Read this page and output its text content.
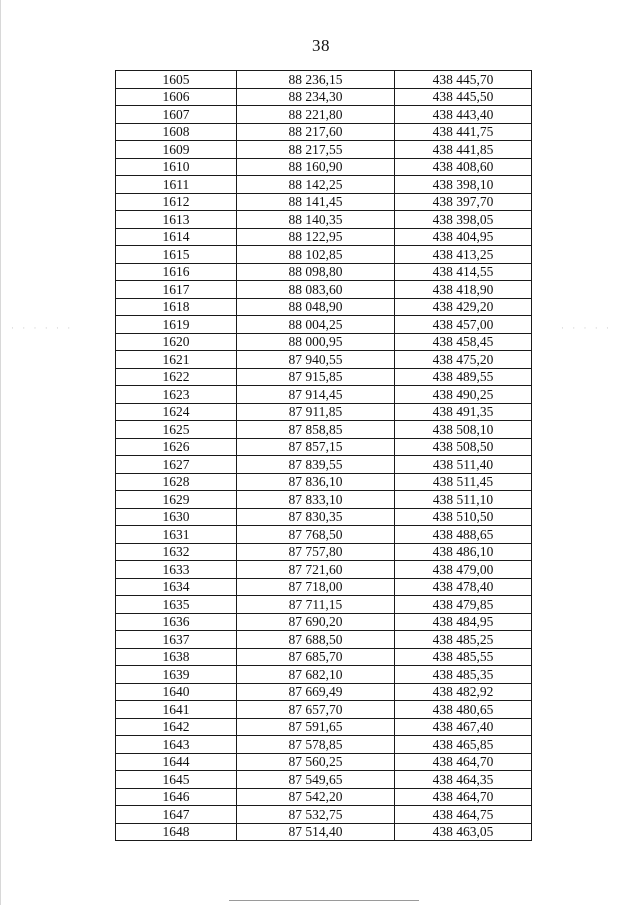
38
1605	88 236,15	438 445,70
1606	88 234,30	438 445,50
1607	88 221,80	438 443,40
1608	88 217,60	438 441,75
1609	88 217,55	438 441,85
1610	88 160,90	438 408,60
1611	88 142,25	438 398,10
1612	88 141,45	438 397,70
1613	88 140,35	438 398,05
1614	88 122,95	438 404,95
1615	88 102,85	438 413,25
1616	88 098,80	438 414,55
1617	88 083,60	438 418,90
1618	88 048,90	438 429,20
1619	88 004,25	438 457,00
1620	88 000,95	438 458,45
1621	87 940,55	438 475,20
1622	87 915,85	438 489,55
1623	87 914,45	438 490,25
1624	87 911,85	438 491,35
1625	87 858,85	438 508,10
1626	87 857,15	438 508,50
1627	87 839,55	438 511,40
1628	87 836,10	438 511,45
1629	87 833,10	438 511,10
1630	87 830,35	438 510,50
1631	87 768,50	438 488,65
1632	87 757,80	438 486,10
1633	87 721,60	438 479,00
1634	87 718,00	438 478,40
1635	87 711,15	438 479,85
1636	87 690,20	438 484,95
1637	87 688,50	438 485,25
1638	87 685,70	438 485,55
1639	87 682,10	438 485,35
1640	87 669,49	438 482,92
1641	87 657,70	438 480,65
1642	87 591,65	438 467,40
1643	87 578,85	438 465,85
1644	87 560,25	438 464,70
1645	87 549,65	438 464,35
1646	87 542,20	438 464,70
1647	87 532,75	438 464,75
1648	87 514,40	438 463,05
· · · · · ·	· · · · ·
